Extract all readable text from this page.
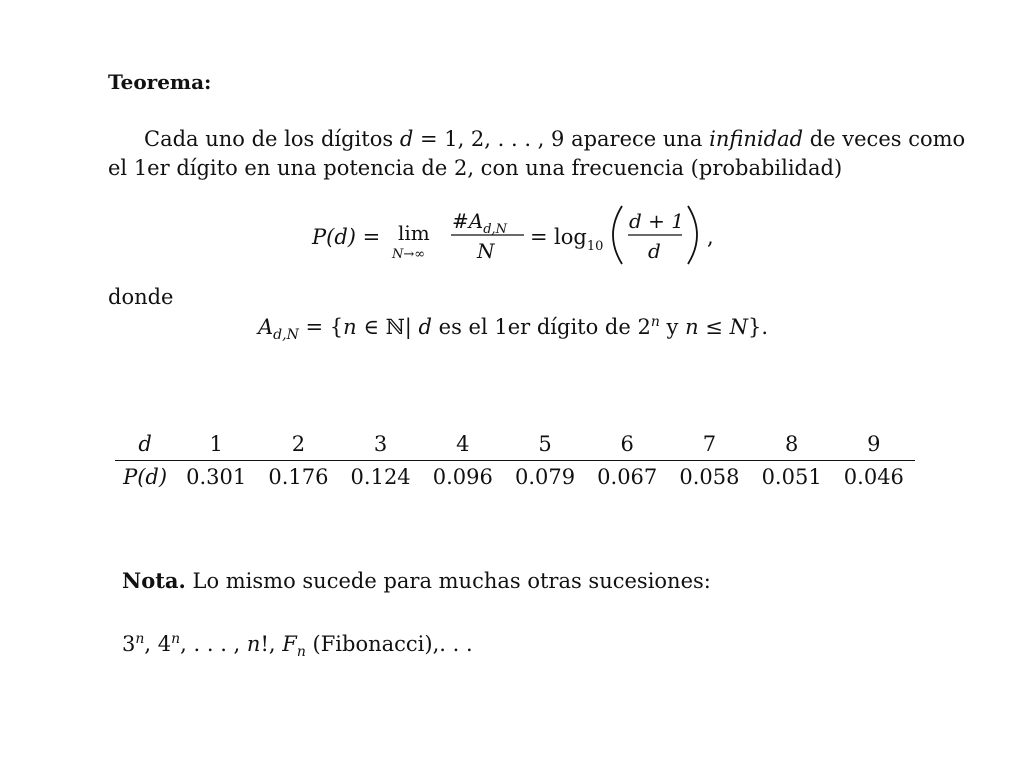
Teorema:
Cada uno de los dígitos d = 1, 2, . . . , 9 aparece una infinidad de veces como
el 1er dígito en una potencia de 2, con una frecuencia (probabilidad)
P(d) = lim
N→∞
$\#A_{d,N}$
N
= $\log_{10}$
d + 1
d
,
donde
$A_{d,N} = \{n$ ∈ ℕ| d es el 1er dígito de 2$^n$ y n ≤ N}.
d	1	2	3	4	5	6	7	8	9
P(d)	0.301	0.176	0.124	0.096	0.079	0.067	0.058	0.051	0.046
Nota. Lo mismo sucede para muchas otras sucesiones:
3$^n$, 4$^n$, . . . , n!, $F_n$ (Fibonacci),. . .
